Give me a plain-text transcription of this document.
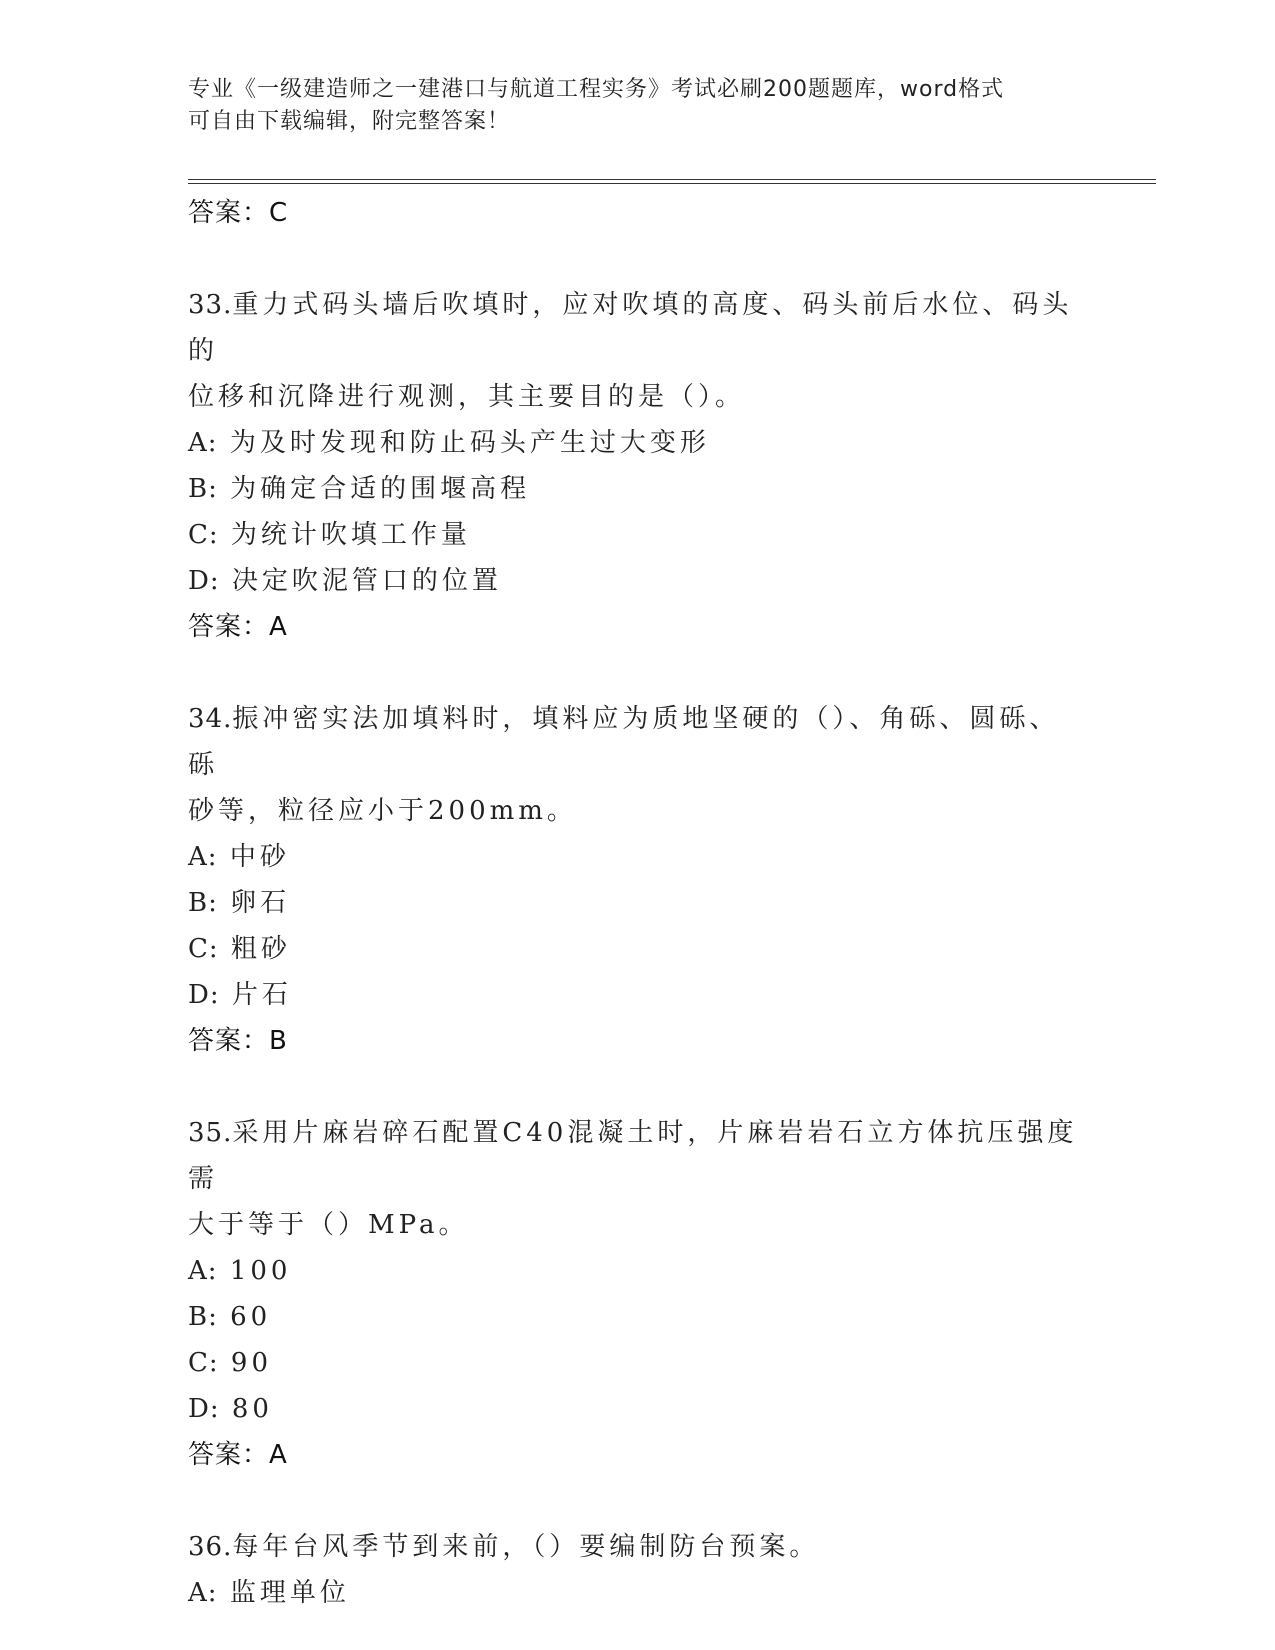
专业《一级建造师之一建港口与航道工程实务》考试必刷200题题库，word格式
可自由下载编辑，附完整答案！
答案：C
33.重力式码头墙后吹填时，应对吹填的高度、码头前后水位、码头的
位移和沉降进行观测，其主要目的是（）。
A: 为及时发现和防止码头产生过大变形
B: 为确定合适的围堰高程
C: 为统计吹填工作量
D: 决定吹泥管口的位置
答案：A
34.振冲密实法加填料时，填料应为质地坚硬的（）、角砾、圆砾、砾
砂等，粒径应小于200mm。
A: 中砂
B: 卵石
C: 粗砂
D: 片石
答案：B
35.采用片麻岩碎石配置C40混凝土时，片麻岩岩石立方体抗压强度需
大于等于（）MPa。
A: 100
B: 60
C: 90
D: 80
答案：A
36.每年台风季节到来前，（）要编制防台预案。
A: 监理单位
